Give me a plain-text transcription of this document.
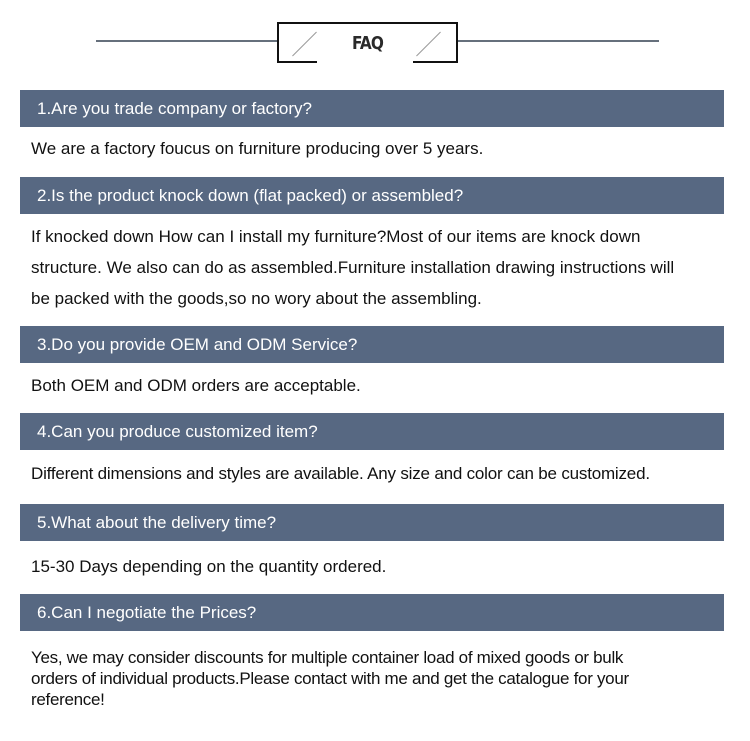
FAQ
1.Are you trade company or factory?
We are a factory foucus on furniture producing over 5 years.
2.Is the product knock down (flat packed) or assembled?
If knocked down How can I install my furniture?Most of our items are knock down
structure. We also can do as assembled.Furniture installation drawing instructions will
be packed with the goods,so no wory about the assembling.
3.Do you provide OEM and ODM Service?
Both OEM and ODM orders are acceptable.
4.Can you produce customized item?
Different dimensions and styles are available. Any size and color can be customized.
5.What about the delivery time?
15-30 Days depending on the quantity ordered.
6.Can I negotiate the Prices?
Yes, we may consider discounts for multiple container load of mixed goods or bulk
orders of individual products.Please contact with me and get the catalogue for your
reference!
